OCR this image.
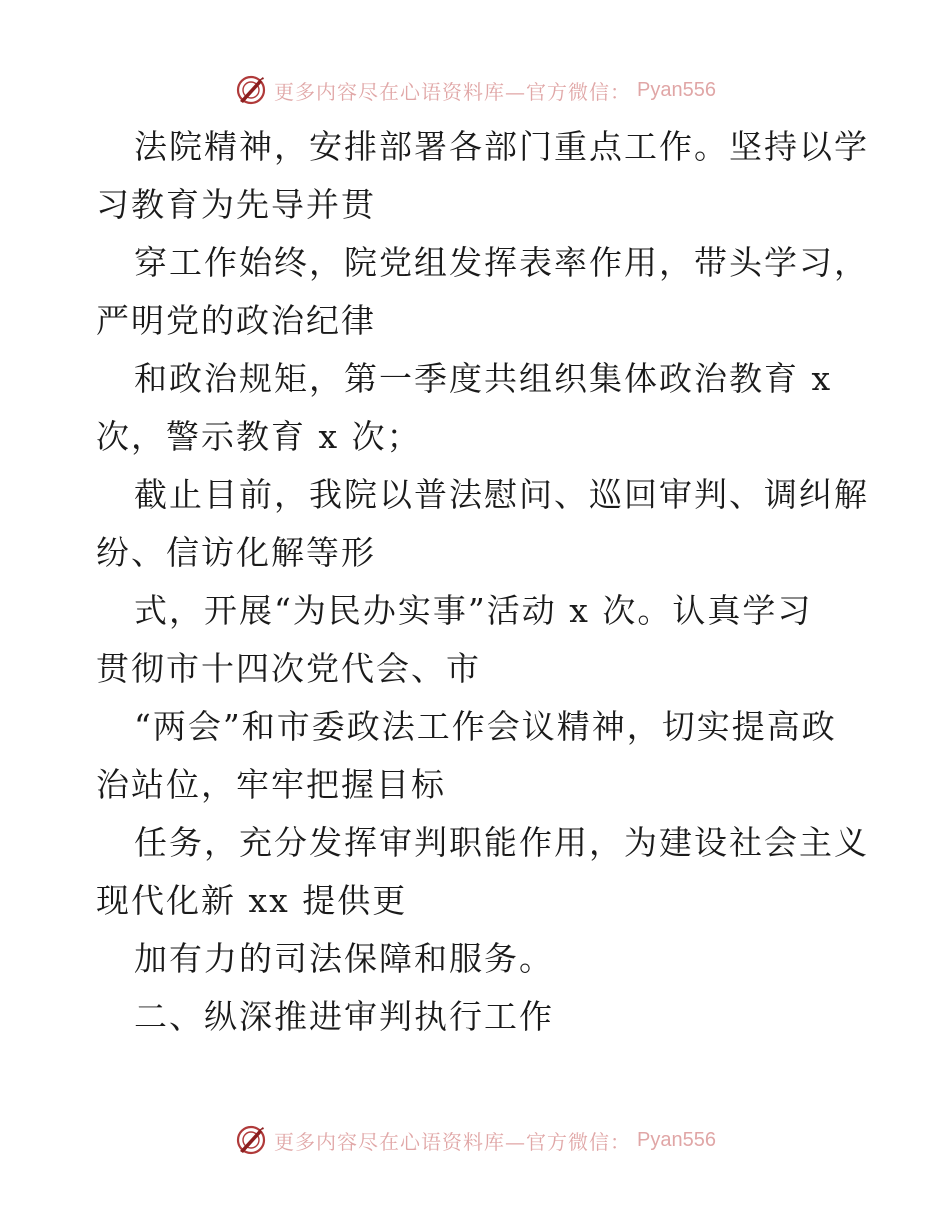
更多内容尽在心语资料库—官方微信： Pyan556

法院精神，安排部署各部门重点工作。坚持以学
习教育为先导并贯

穿工作始终，院党组发挥表率作用，带头学习，
严明党的政治纪律

和政治规矩，第一季度共组织集体政治教育 x
次，警示教育 x 次；

截止目前，我院以普法慰问、巡回审判、调纠解
纷、信访化解等形

式，开展“为民办实事”活动 x 次。认真学习
贯彻市十四次党代会、市

“两会”和市委政法工作会议精神，切实提高政
治站位，牢牢把握目标

任务，充分发挥审判职能作用，为建设社会主义
现代化新 xx 提供更

加有力的司法保障和服务。

二、纵深推进审判执行工作

更多内容尽在心语资料库—官方微信： Pyan556
